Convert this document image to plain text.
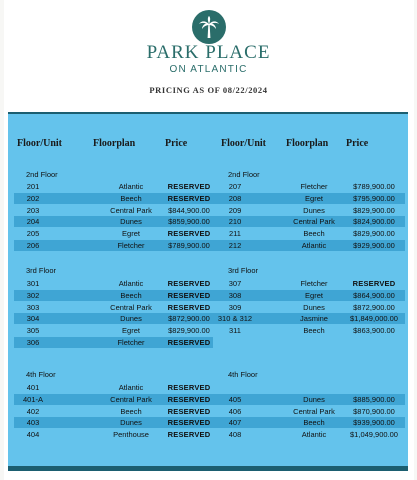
PARK PLACE
ON ATLANTIC
PRICING AS OF 08/22/2024
Floor/Unit	Floorplan	Price	Floor/Unit Floorplan Price
2nd Floor
201	Atlantic	RESERVED
202	Beech	RESERVED
203	Central Park	$844,900.00
204	Dunes	$859,900.00
205	Egret	RESERVED
206	Fletcher	$789,900.00
2nd Floor
207	Fletcher	$789,900.00
208	Egret	$795,900.00
209	Dunes	$829,900.00
210	Central Park	$824,900.00
211	Beech	$829,900.00
212	Atlantic	$929,900.00
3rd Floor
301	Atlantic	RESERVED
302	Beech	RESERVED
303	Central Park	RESERVED
304	Dunes	$872,900.00
305	Egret	$829,900.00
306	Fletcher	RESERVED
3rd Floor
307	Fletcher	RESERVED
308	Egret	$864,900.00
309	Dunes	$872,900.00
310 & 312	Jasmine	$1,849,000.00
311	Beech	$863,900.00
4th Floor
401	Atlantic	RESERVED
401-A	Central Park	RESERVED
402	Beech	RESERVED
403	Dunes	RESERVED
404	Penthouse	RESERVED
4th Floor
405	Dunes	$885,900.00
406	Central Park	$870,900.00
407	Beech	$939,900.00
408	Atlantic	$1,049,900.00
